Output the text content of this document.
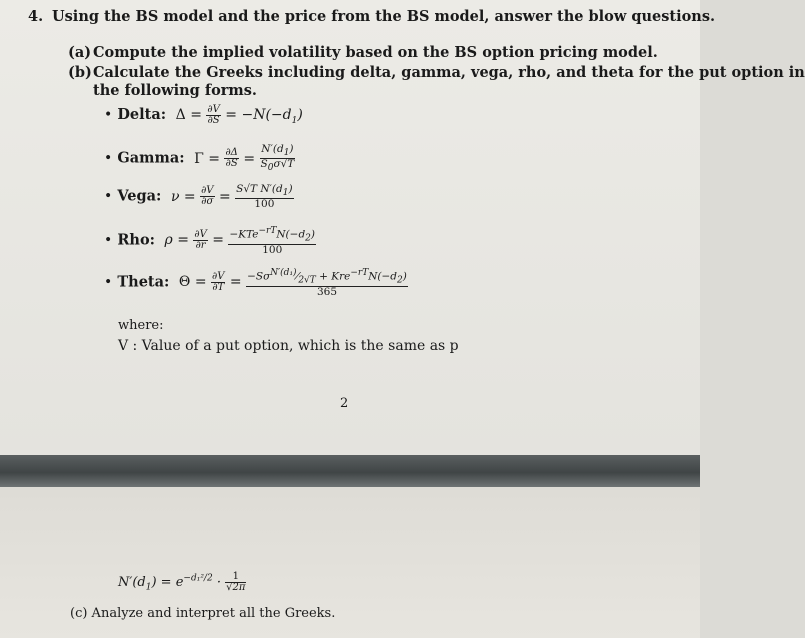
4. Using the BS model and the price from the BS model, answer the blow questions.
(a) Compute the implied volatility based on the BS option pricing model.
(b) Calculate the Greeks including delta, gamma, vega, rho, and theta for the put option in
the following forms.
• Delta:  $\Delta = \frac{\partial V}{\partial S} = -N(-d_1)$
• Gamma:  $\Gamma = \frac{\partial\Delta}{\partial S} = \frac{N'(d_1)}{S_0\sigma√T}$
• Vega: $\nu = \frac{\partial V}{\partial\sigma} = \frac{S√T N'(d_1)}{100}$
• Rho: $\rho = \frac{\partial V}{\partial r} = \frac{-KTe^{-rT}N(-d_2)}{100}$
• Theta:  $\Theta = \frac{\partial V}{\partial T} = \frac{-S\sigma^{N'(d_1)}⁄_{2√T} + Kre^{-rT}N(-d_2)}{365}$
where:
V : Value of a put option, which is the same as p
2
$N'(d_1) = e^{-d_1^2/2} \cdot \frac{1}{√2\pi}$
(c) Analyze and interpret all the Greeks.
